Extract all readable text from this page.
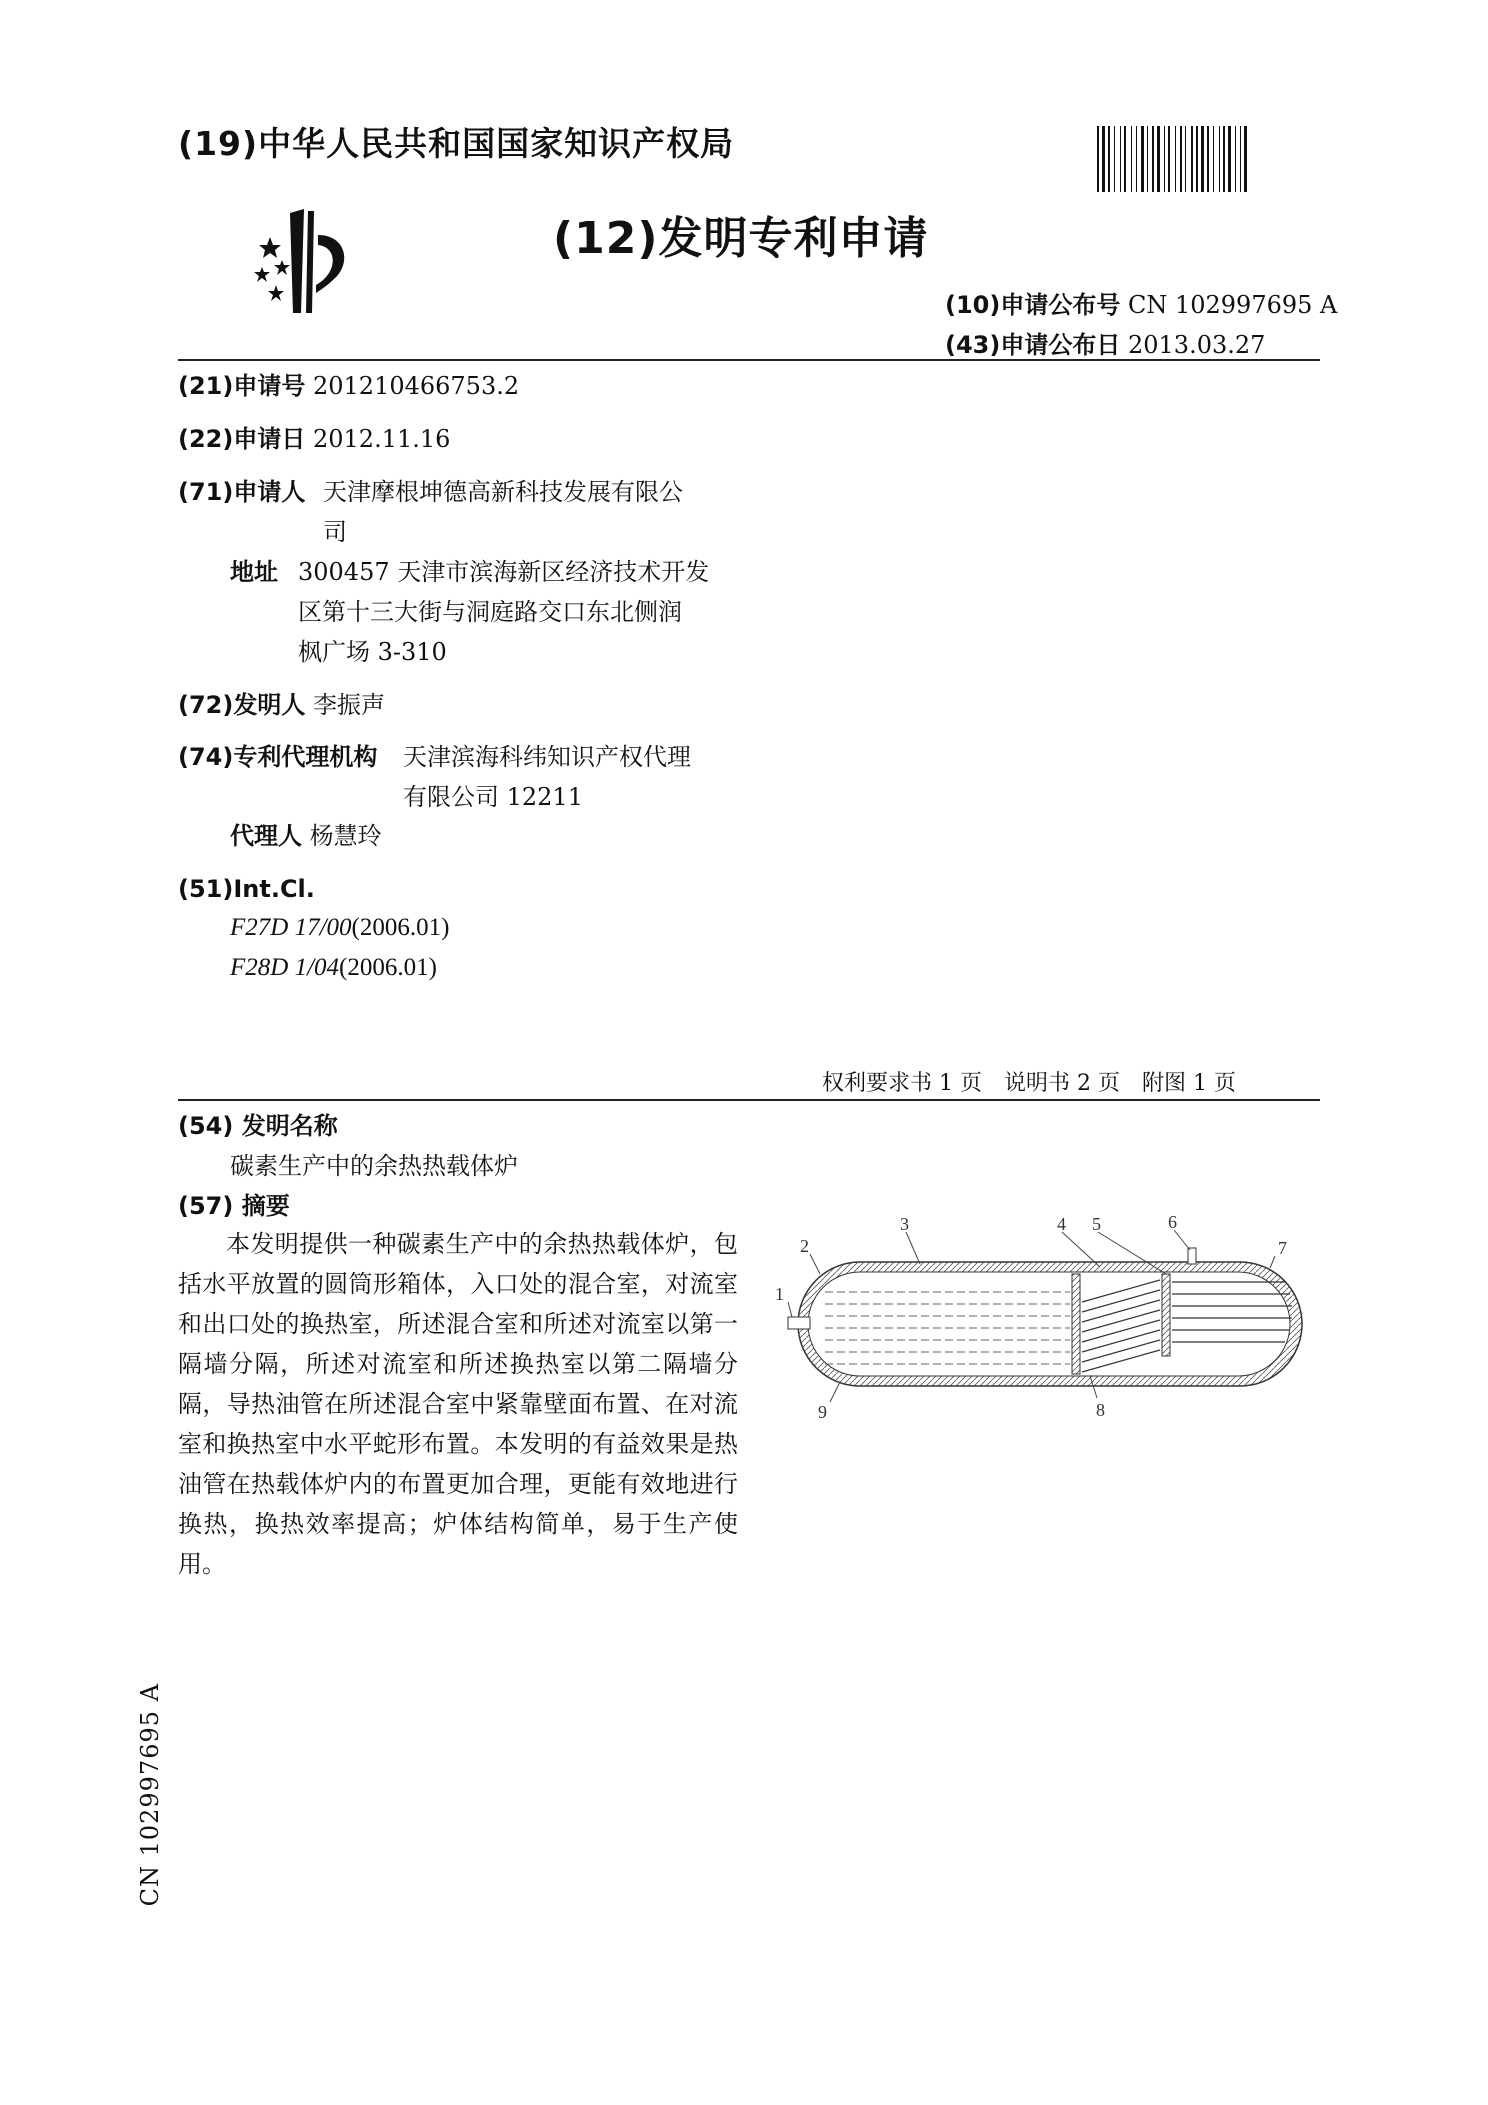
(19)中华人民共和国国家知识产权局
(12)发明专利申请
(10)申请公布号 CN 102997695 A
(43)申请公布日 2013.03.27
(21)申请号 201210466753.2
(22)申请日 2012.11.16
(71)申请人 天津摩根坤德高新科技发展有限公
司
地址 300457 天津市滨海新区经济技术开发
区第十三大街与洞庭路交口东北侧润
枫广场 3-310
(72)发明人 李振声
(74)专利代理机构 天津滨海科纬知识产权代理
有限公司 12211
代理人 杨慧玲
(51)Int.Cl.
F27D 17/00(2006.01)
F28D 1/04(2006.01)
权利要求书 1 页　说明书 2 页　附图 1 页
(54) 发明名称
碳素生产中的余热热载体炉
(57) 摘要
本发明提供一种碳素生产中的余热热载体炉，包括水平放置的圆筒形箱体，入口处的混合室，对流室和出口处的换热室，所述混合室和所述对流室以第一隔墙分隔，所述对流室和所述换热室以第二隔墙分隔，导热油管在所述混合室中紧靠壁面布置、在对流室和换热室中水平蛇形布置。本发明的有益效果是热油管在热载体炉内的布置更加合理，更能有效地进行换热，换热效率提高；炉体结构简单，易于生产使用。
1
2
3	4 5	6
7
8
9
CN 102997695 A
